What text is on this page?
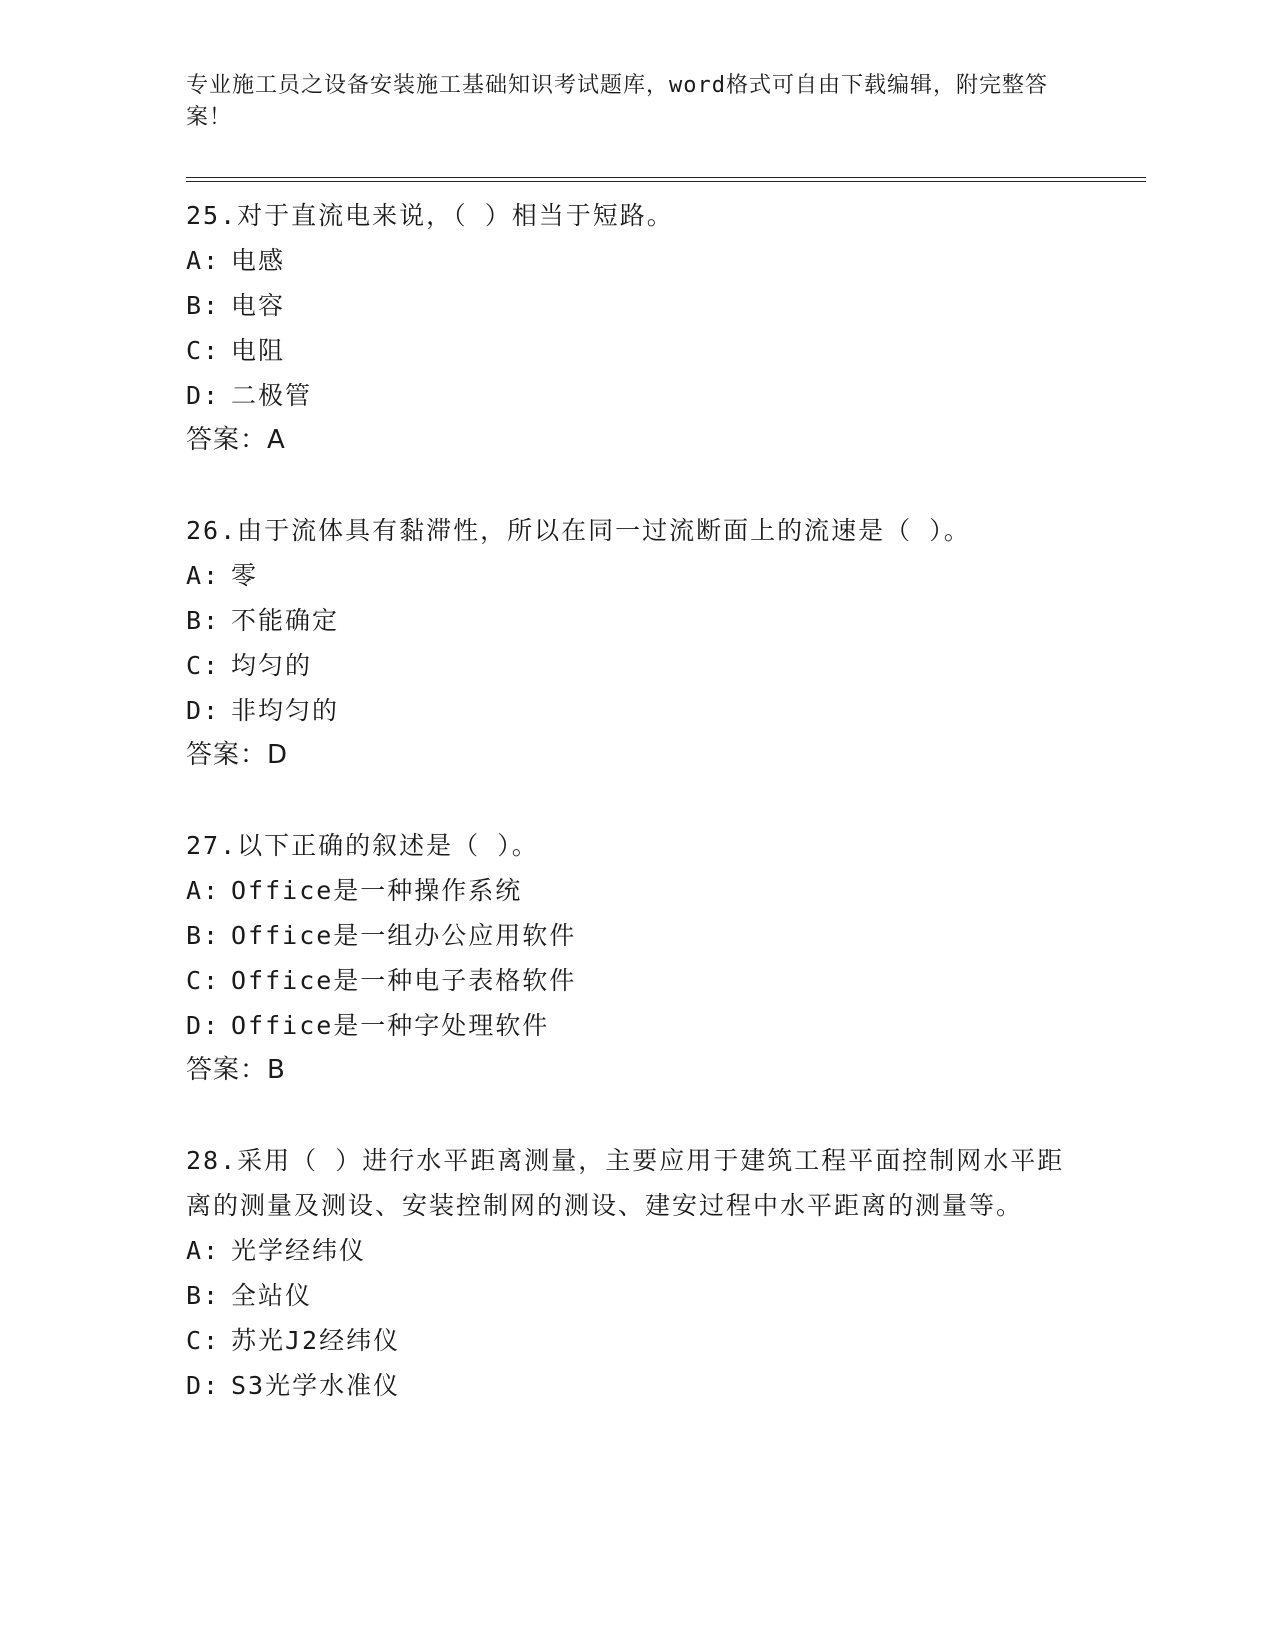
专业施工员之设备安装施工基础知识考试题库，word格式可自由下载编辑，附完整答案！
25.对于直流电来说，（ ）相当于短路。
A: 电感
B: 电容
C: 电阻
D: 二极管
答案：A
26.由于流体具有黏滞性，所以在同一过流断面上的流速是（ ）。
A: 零
B: 不能确定
C: 均匀的
D: 非均匀的
答案：D
27.以下正确的叙述是（ ）。
A: Office是一种操作系统
B: Office是一组办公应用软件
C: Office是一种电子表格软件
D: Office是一种字处理软件
答案：B
28.采用（ ）进行水平距离测量，主要应用于建筑工程平面控制网水平距离的测量及测设、安装控制网的测设、建安过程中水平距离的测量等。
A: 光学经纬仪
B: 全站仪
C: 苏光J2经纬仪
D: S3光学水准仪
